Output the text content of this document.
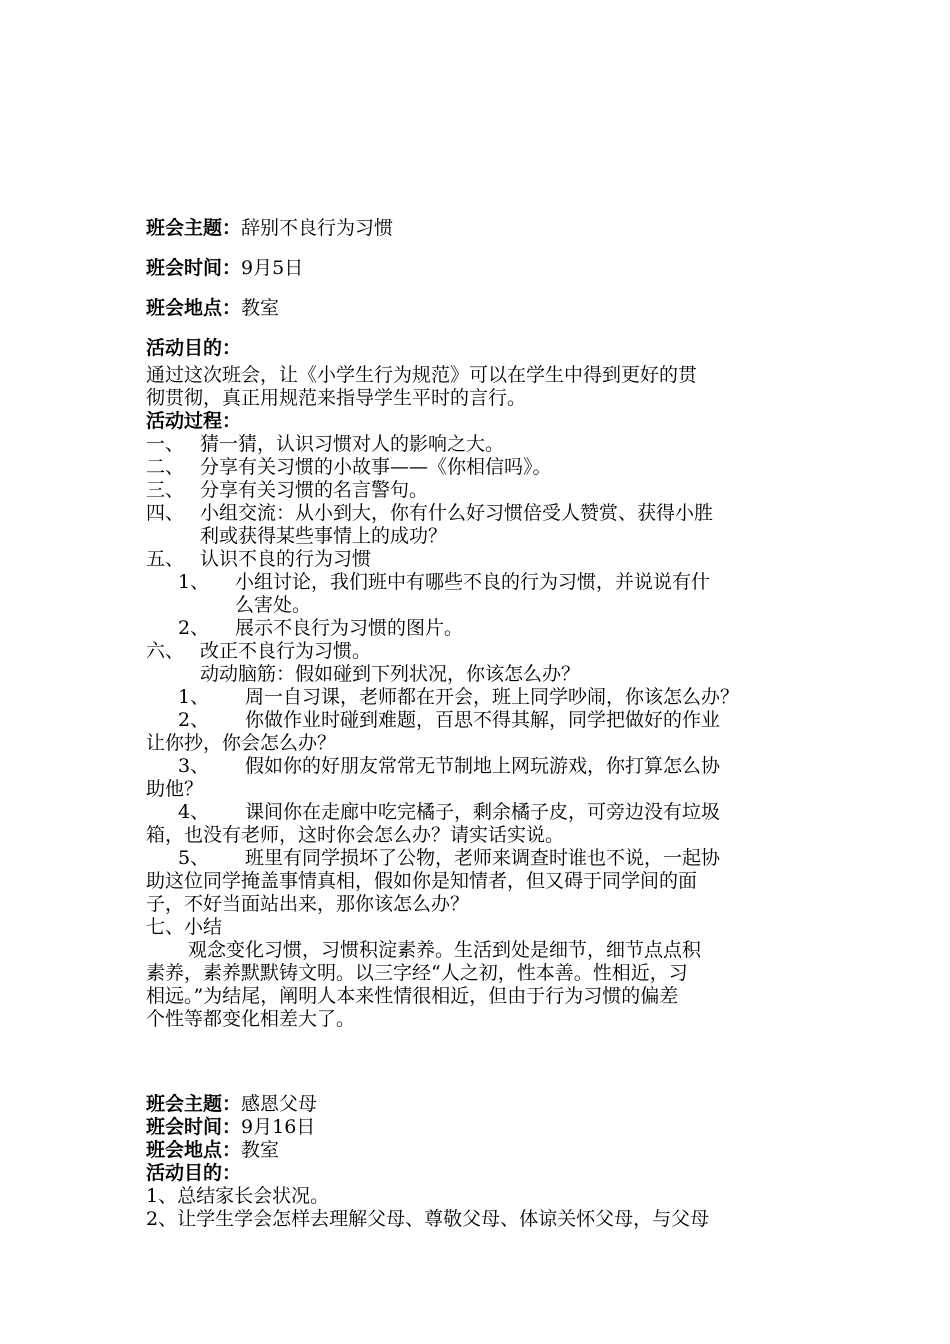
班会主题：辞别不良行为习惯
班会时间：9月5日
班会地点：教室
活动目的：
通过这次班会，让《小学生行为规范》可以在学生中得到更好的贯
彻贯彻，真正用规范来指导学生平时的言行。
活动过程：
一、 猜一猜，认识习惯对人的影响之大。
二、 分享有关习惯的小故事——《你相信吗》。
三、 分享有关习惯的名言警句。
四、 小组交流：从小到大，你有什么好习惯倍受人赞赏、获得小胜
利或获得某些事情上的成功？
五、 认识不良的行为习惯
1、 小组讨论，我们班中有哪些不良的行为习惯，并说说有什
么害处。
2、 展示不良行为习惯的图片。
六、 改正不良行为习惯。
动动脑筋：假如碰到下列状况，你该怎么办？
1、 周一自习课，老师都在开会，班上同学吵闹，你该怎么办？
2、 你做作业时碰到难题，百思不得其解，同学把做好的作业
让你抄，你会怎么办？
3、 假如你的好朋友常常无节制地上网玩游戏，你打算怎么协
助他？
4、 课间你在走廊中吃完橘子，剩余橘子皮，可旁边没有垃圾
箱，也没有老师，这时你会怎么办？请实话实说。
5、 班里有同学损坏了公物，老师来调查时谁也不说，一起协
助这位同学掩盖事情真相，假如你是知情者，但又碍于同学间的面
子，不好当面站出来，那你该怎么办？
七、小结
观念变化习惯，习惯积淀素养。生活到处是细节，细节点点积
素养，素养默默铸文明。以三字经“人之初，性本善。性相近，习
相远。”为结尾，阐明人本来性情很相近，但由于行为习惯的偏差
个性等都变化相差大了。
班会主题：感恩父母
班会时间：9月16日
班会地点：教室
活动目的：
1、总结家长会状况。
2、让学生学会怎样去理解父母、尊敬父母、体谅关怀父母，与父母
